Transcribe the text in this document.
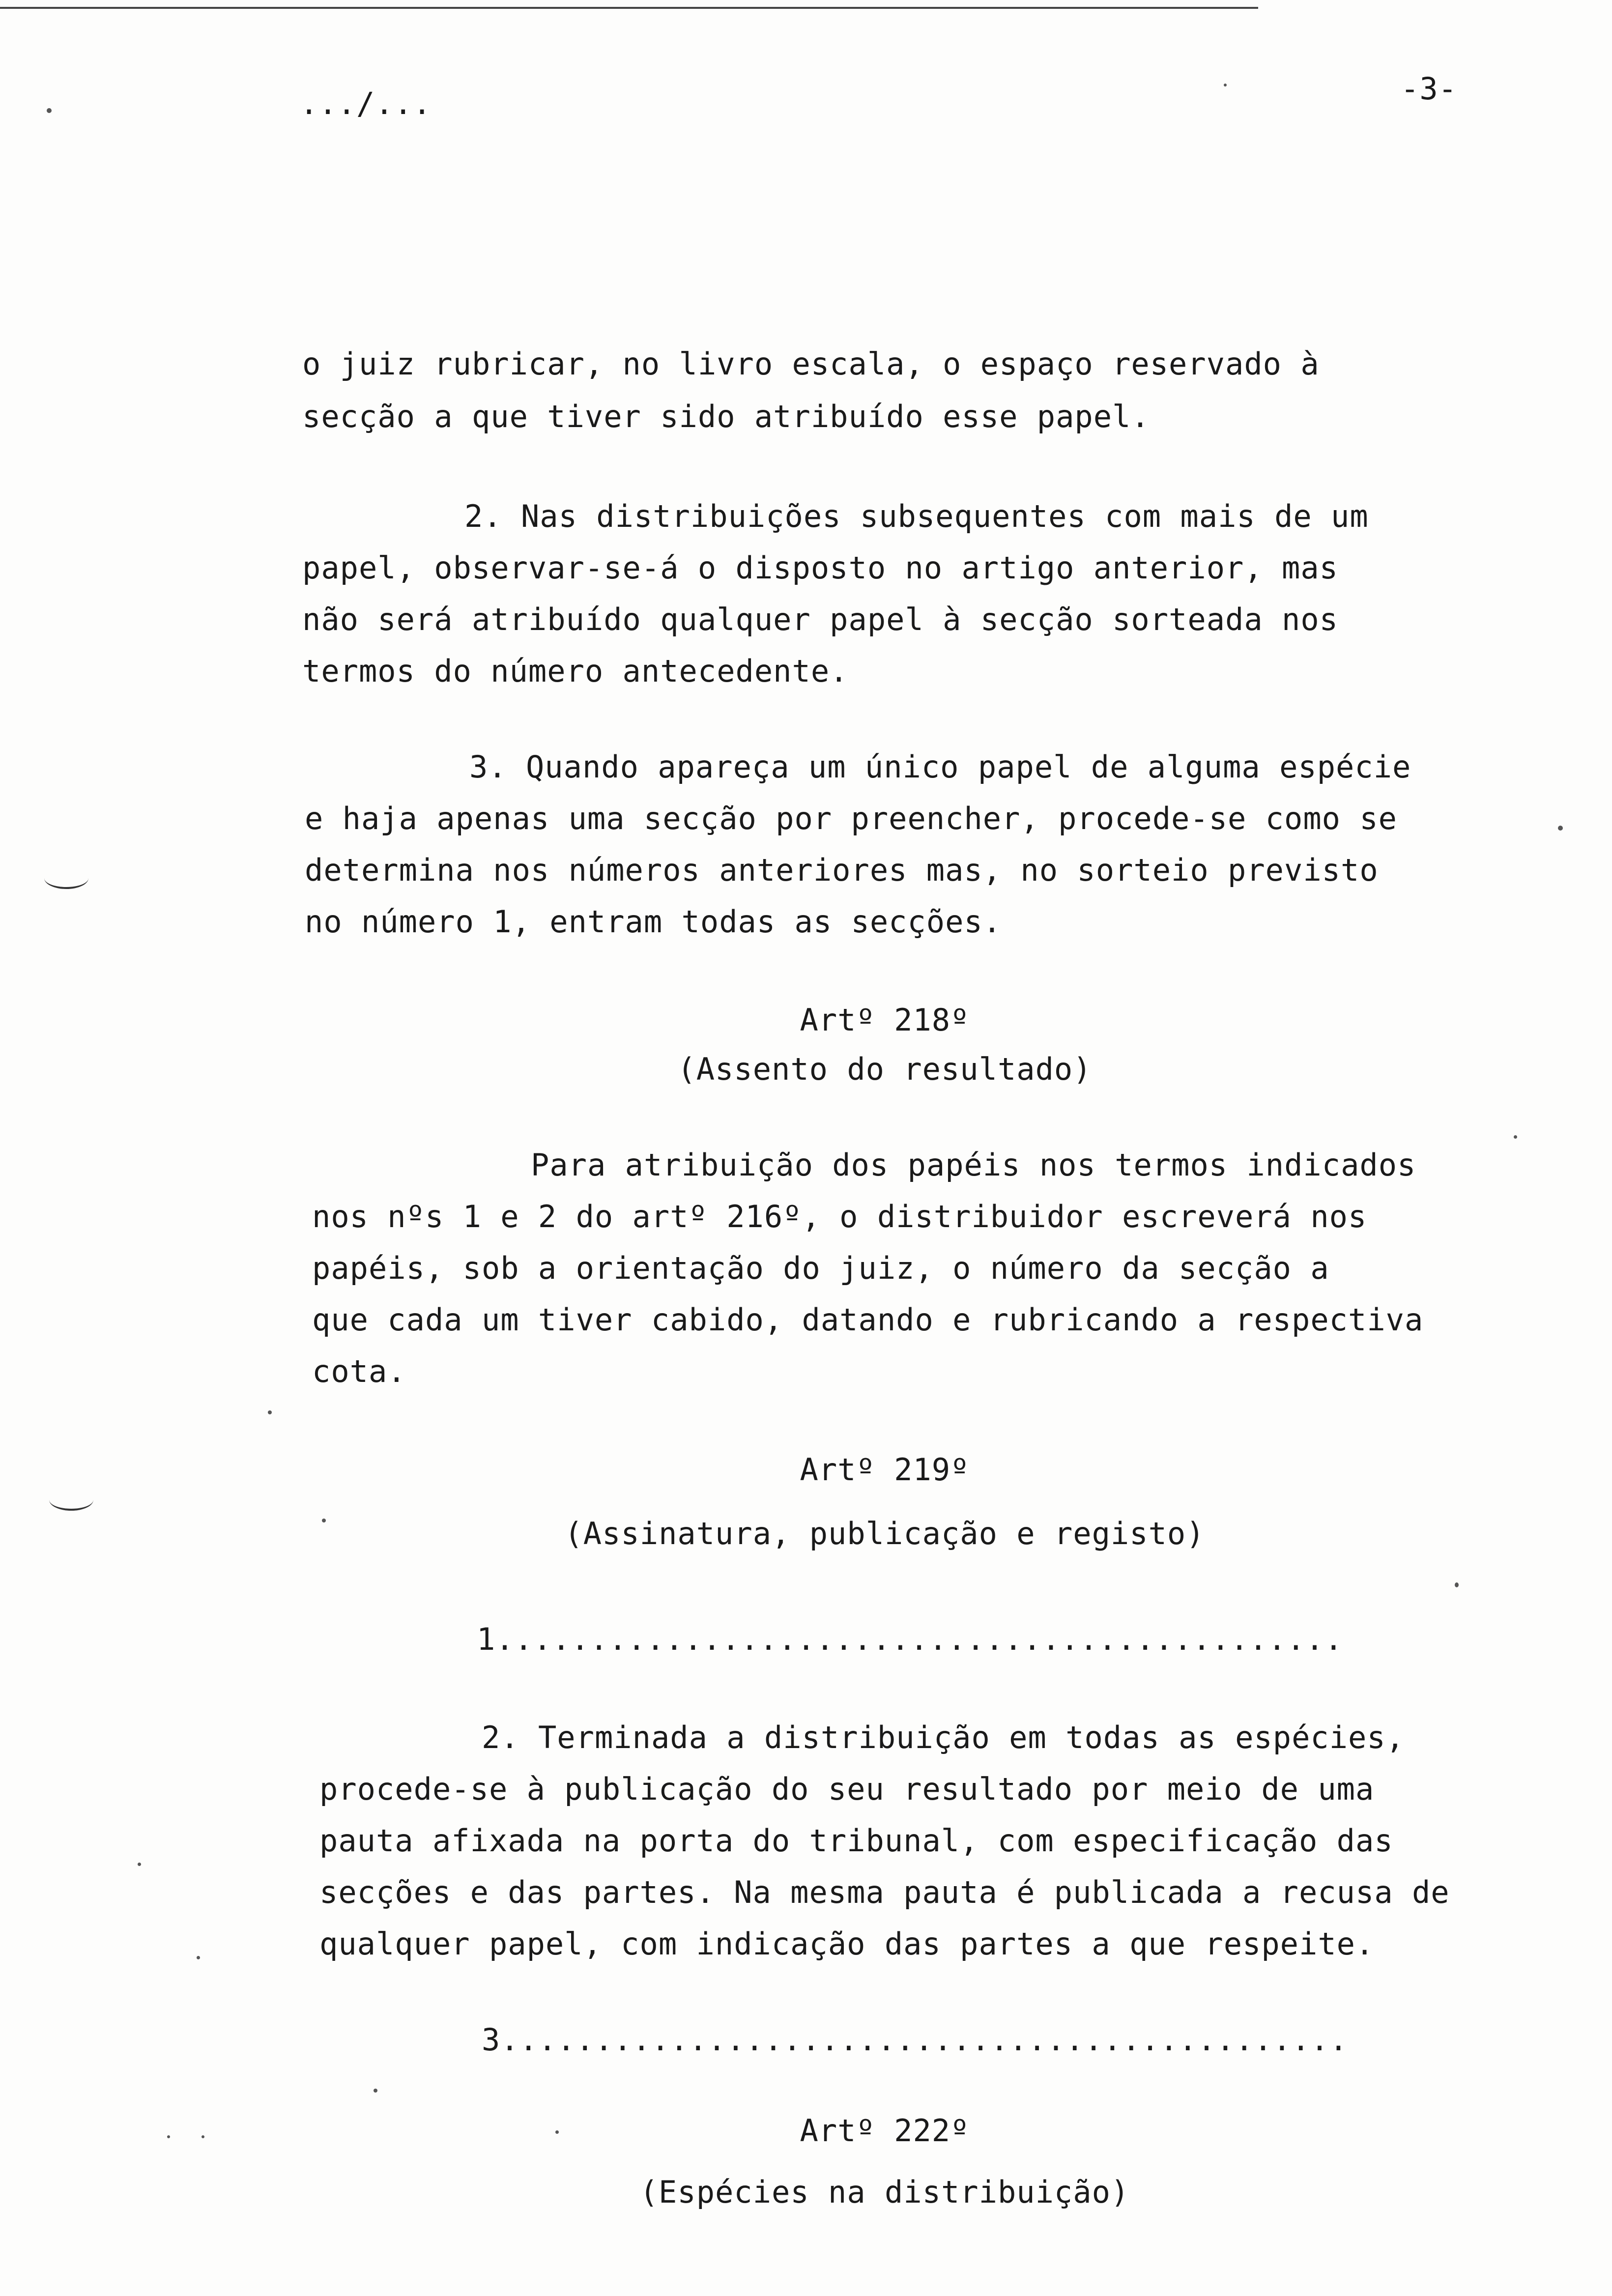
.../...	-3-
o juiz rubricar, no livro escala, o espaço reservado à
secção a que tiver sido atribuído esse papel.
2. Nas distribuições subsequentes com mais de um
papel, observar-se-á o disposto no artigo anterior, mas
não será atribuído qualquer papel à secção sorteada nos
termos do número antecedente.
3. Quando apareça um único papel de alguma espécie
e haja apenas uma secção por preencher, procede-se como se
determina nos números anteriores mas, no sorteio previsto
no número 1, entram todas as secções.
Artº 218º
(Assento do resultado)
Para atribuição dos papéis nos termos indicados
nos nºs 1 e 2 do artº 216º, o distribuidor escreverá nos
papéis, sob a orientação do juiz, o número da secção a
que cada um tiver cabido, datando e rubricando a respectiva
cota.
Artº 219º
(Assinatura, publicação e registo)
1.............................................
2. Terminada a distribuição em todas as espécies,
procede-se à publicação do seu resultado por meio de uma
pauta afixada na porta do tribunal, com especificação das
secções e das partes. Na mesma pauta é publicada a recusa de
qualquer papel, com indicação das partes a que respeite.
3.............................................
Artº 222º
(Espécies na distribuição)
